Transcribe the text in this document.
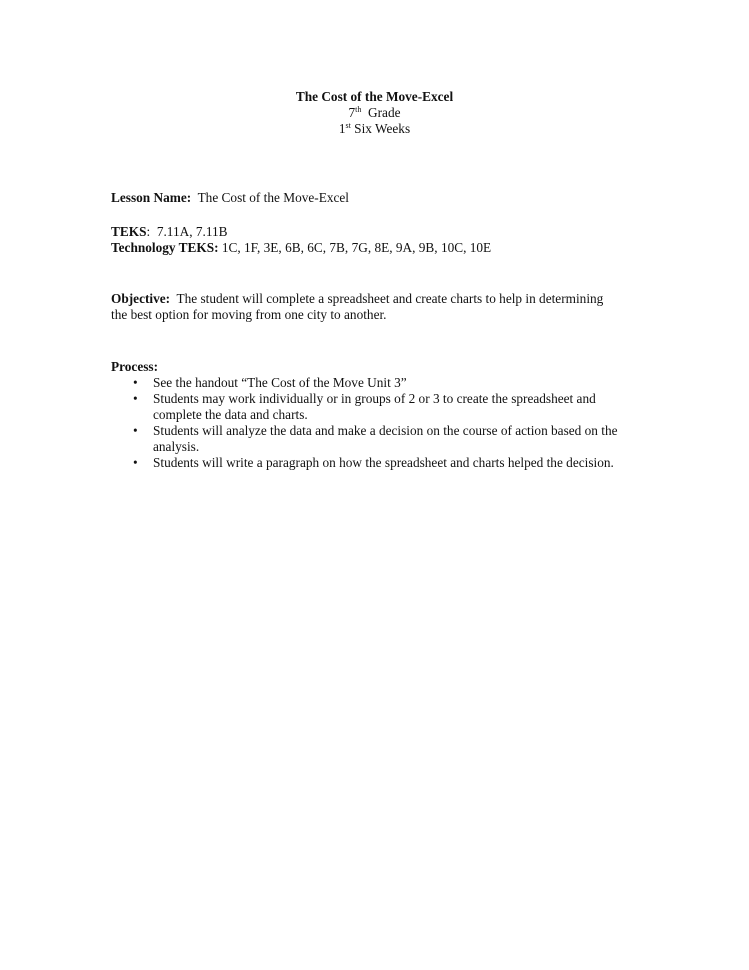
The Cost of the Move-Excel
7th  Grade
1st Six Weeks
Lesson Name:  The Cost of the Move-Excel
TEKS:  7.11A, 7.11B
Technology TEKS: 1C, 1F, 3E, 6B, 6C, 7B, 7G, 8E, 9A, 9B, 10C, 10E
Objective:  The student will complete a spreadsheet and create charts to help in determining the best option for moving from one city to another.
Process:
• See the handout “The Cost of the Move Unit 3”
• Students may work individually or in groups of 2 or 3 to create the spreadsheet and complete the data and charts.
• Students will analyze the data and make a decision on the course of action based on the analysis.
• Students will write a paragraph on how the spreadsheet and charts helped the decision.
